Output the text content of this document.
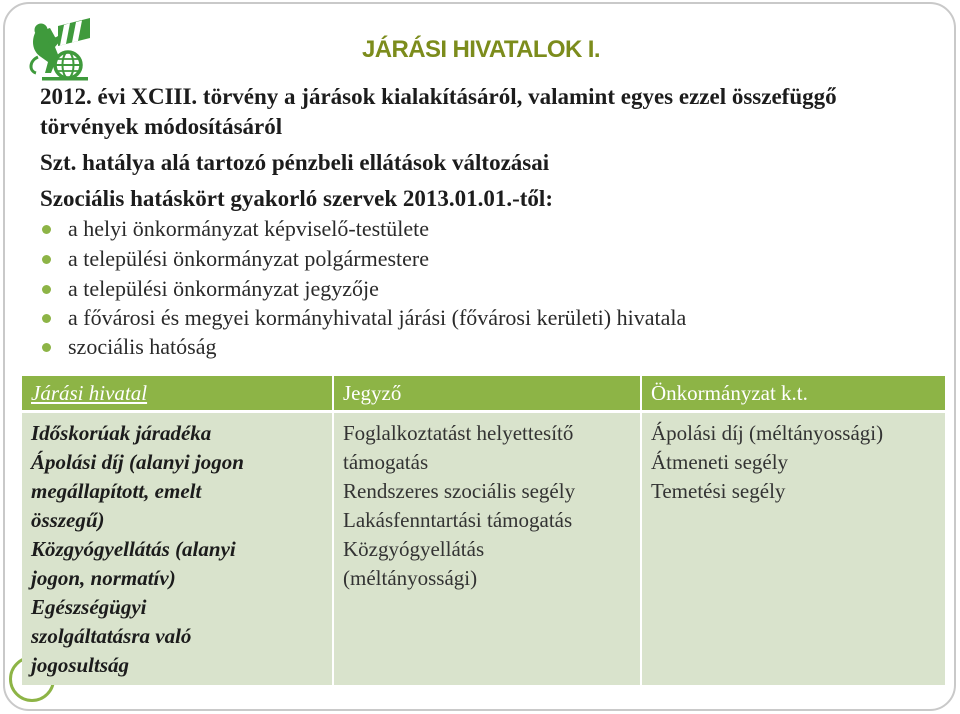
JÁRÁSI HIVATALOK I.
2012. évi XCIII. törvény a járások kialakításáról, valamint egyes ezzel összefüggő
törvények módosításáról
Szt. hatálya alá tartozó pénzbeli ellátások változásai
Szociális hatáskört gyakorló szervek 2013.01.01.-től:
a helyi önkormányzat képviselő-testülete
a települési önkormányzat polgármestere
a települési önkormányzat jegyzője
a fővárosi és megyei kormányhivatal járási (fővárosi kerületi) hivatala
szociális hatóság
Járási hivatal	Jegyző	Önkormányzat k.t.
Időskorúak járadéka
Ápolási díj (alanyi jogon
megállapított, emelt
összegű)
Közgyógyellátás (alanyi
jogon, normatív)
Egészségügyi
szolgáltatásra való
jogosultság
Foglalkoztatást helyettesítő
támogatás
Rendszeres szociális segély
Lakásfenntartási támogatás
Közgyógyellátás
(méltányossági)
Ápolási díj (méltányossági)
Átmeneti segély
Temetési segély
